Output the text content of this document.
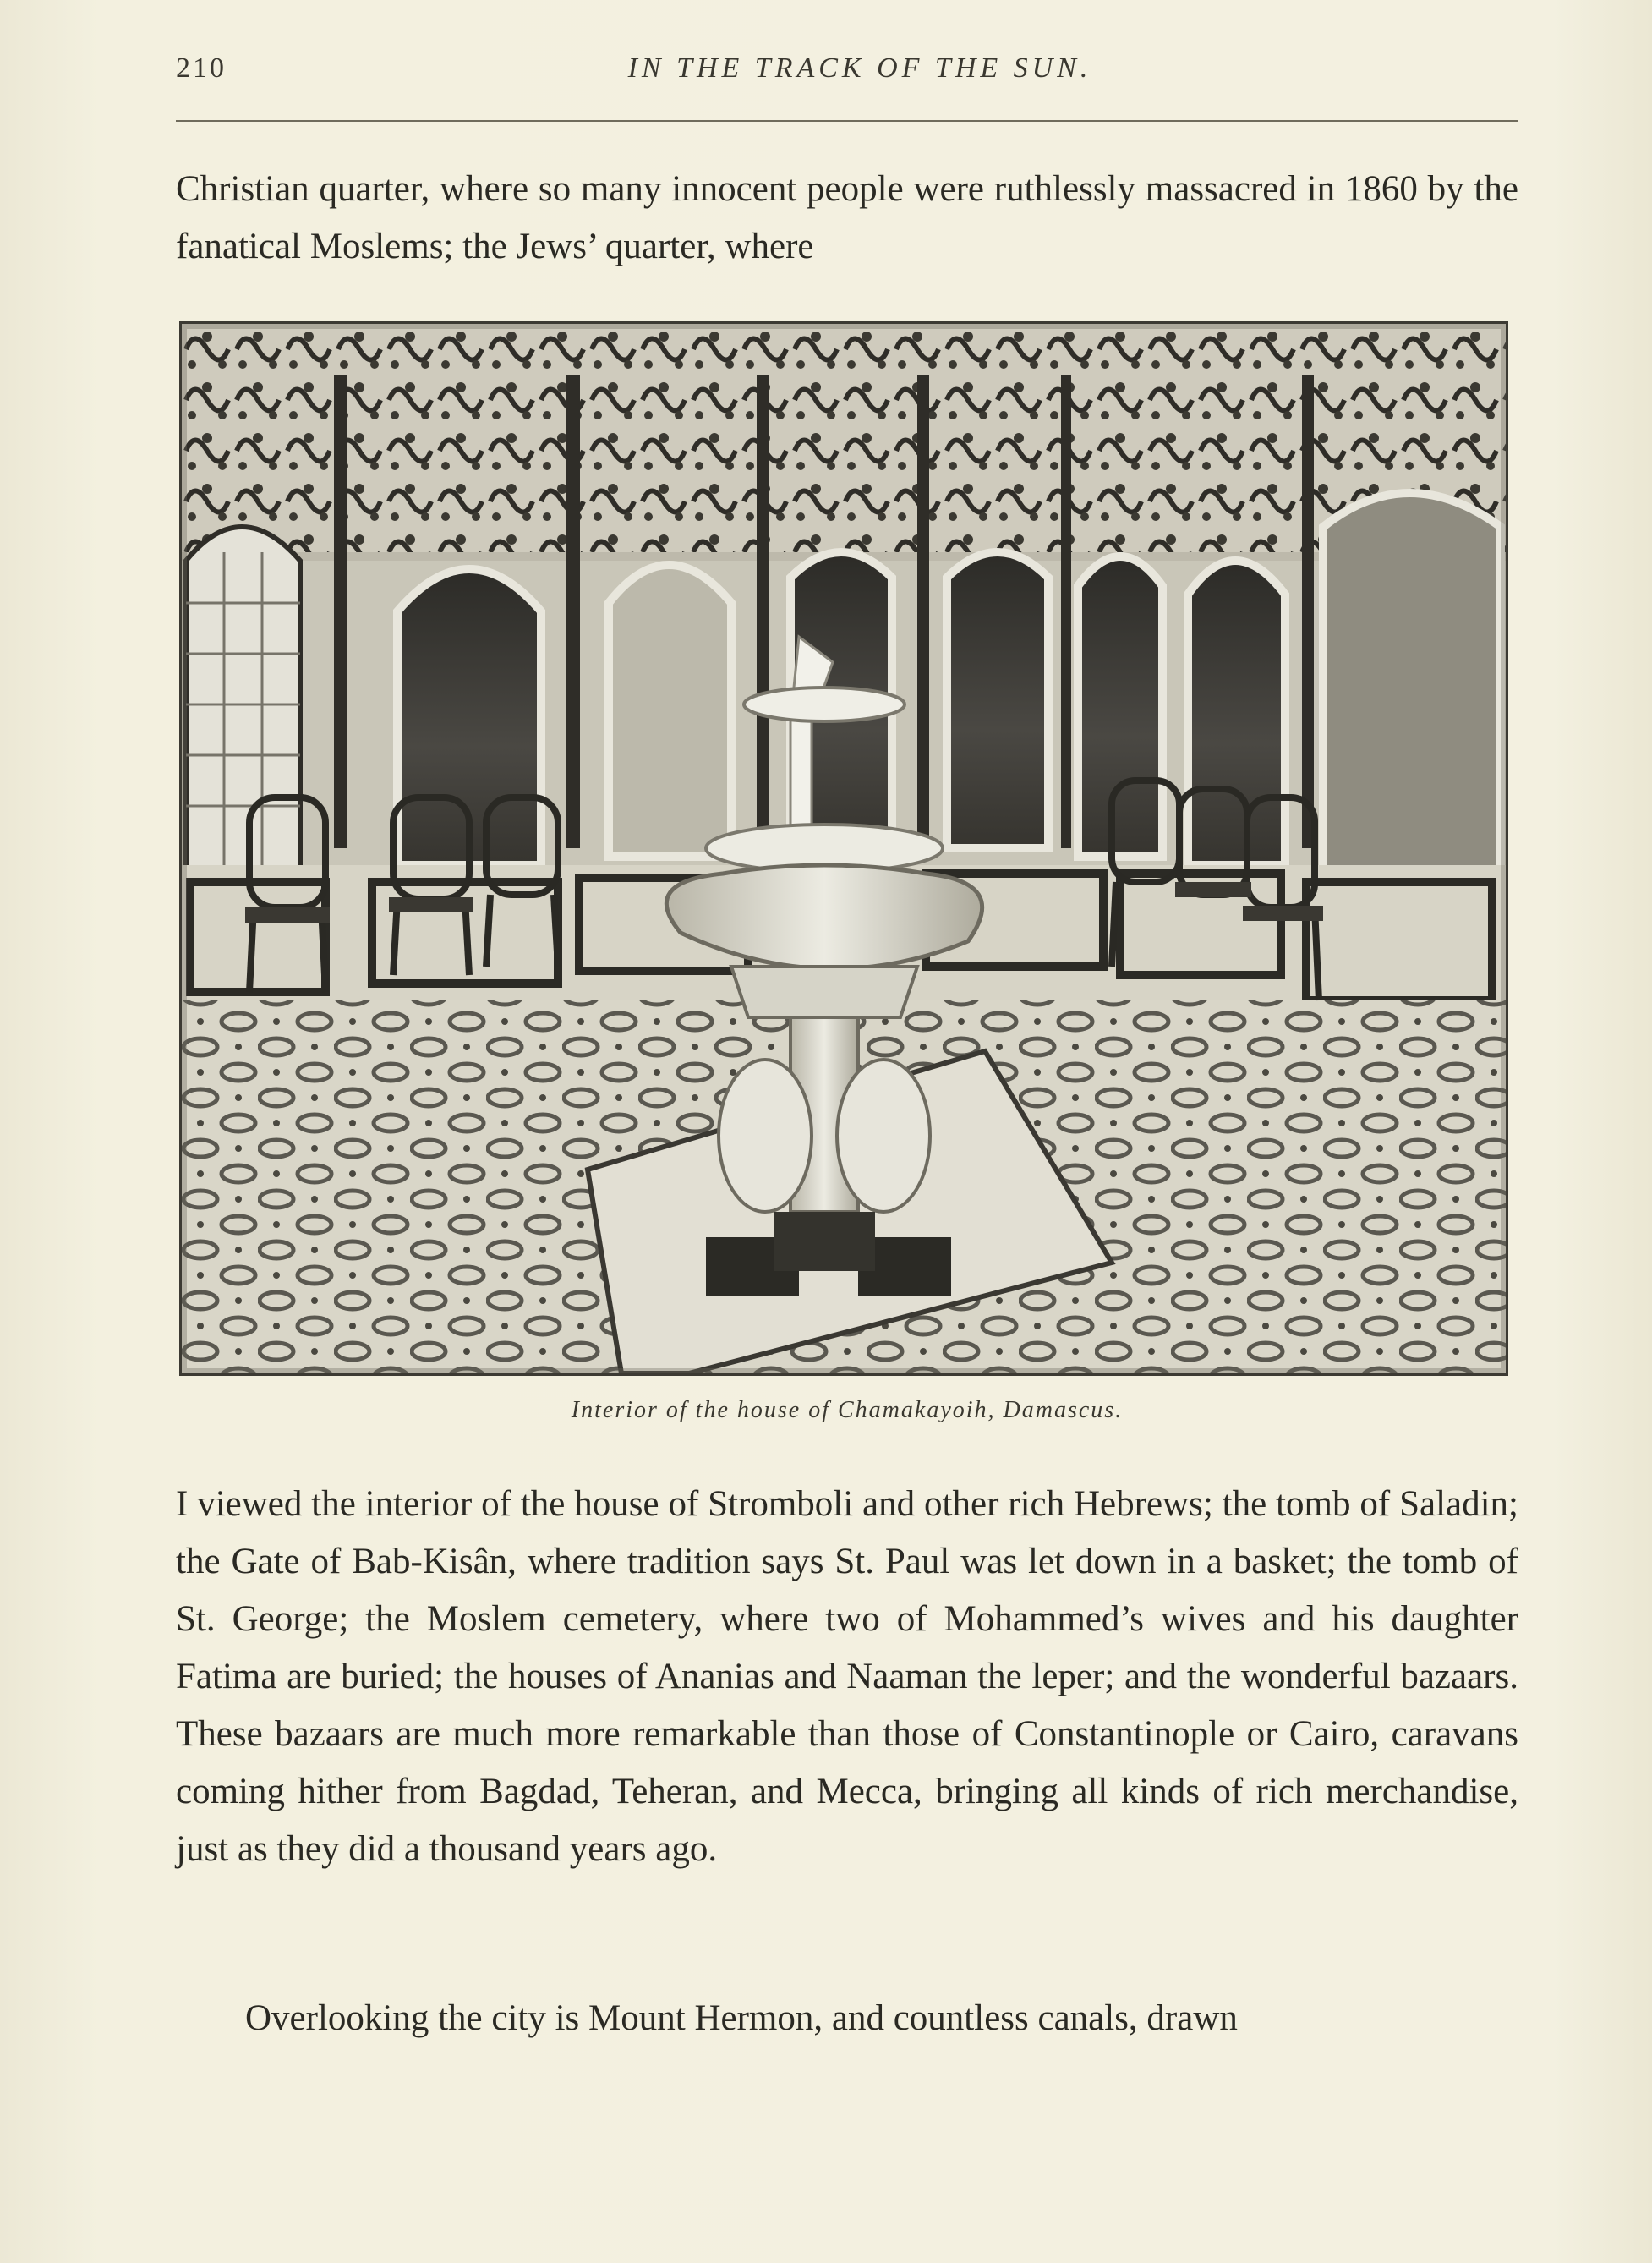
210	IN THE TRACK OF THE SUN.

Christian quarter, where so many innocent people were ruthlessly massacred in 1860 by the fanatical Moslems; the Jews’ quarter, where

Interior of the house of Chamakayoih, Damascus.

I viewed the interior of the house of Stromboli and other rich Hebrews; the tomb of Saladin; the Gate of Bab-Kisân, where tradition says St. Paul was let down in a basket; the tomb of St. George; the Moslem cemetery, where two of Mohammed’s wives and his daughter Fatima are buried; the houses of Ananias and Naaman the leper; and the wonderful bazaars. These bazaars are much more remarkable than those of Constantinople or Cairo, caravans coming hither from Bagdad, Teheran, and Mecca, bringing all kinds of rich merchandise, just as they did a thousand years ago.

Overlooking the city is Mount Hermon, and countless canals, drawn
